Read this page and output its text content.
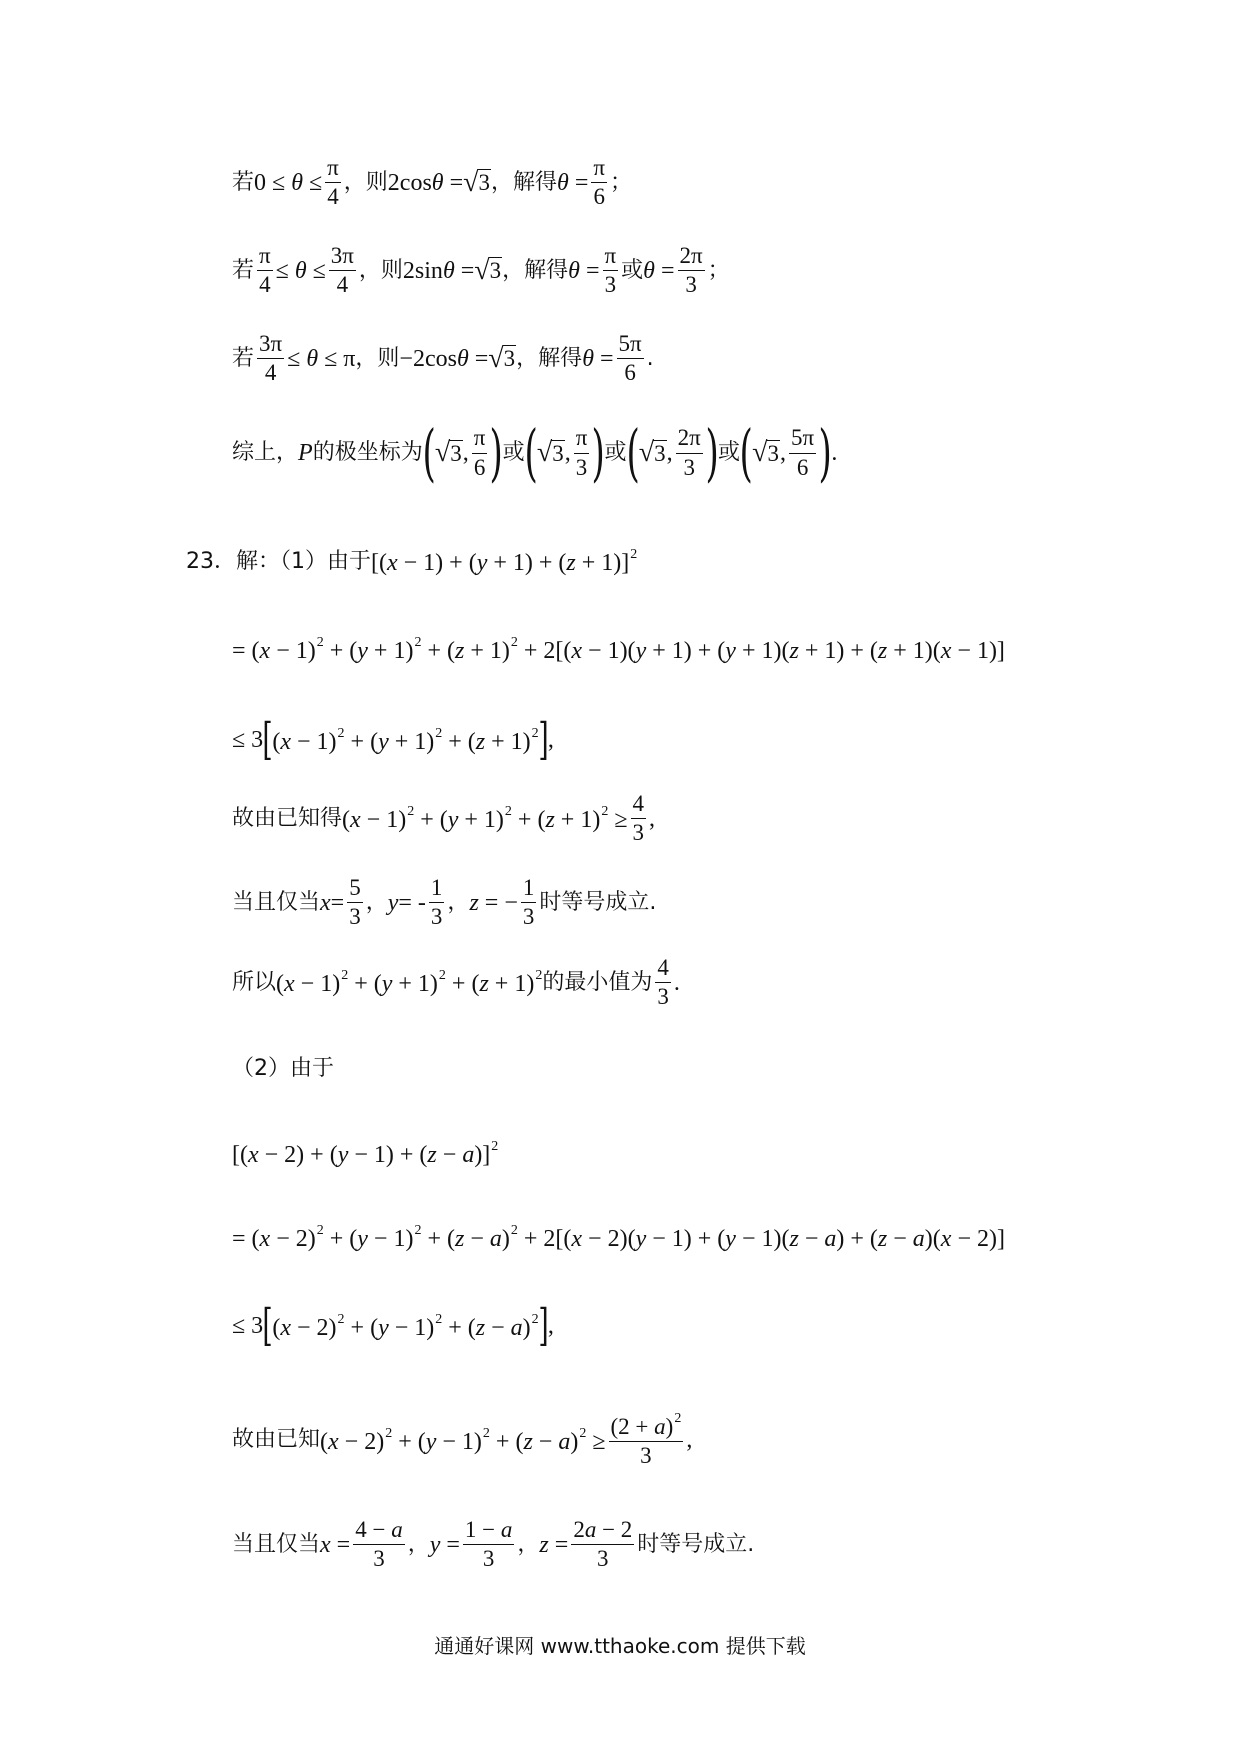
若 $0 \le \theta \le \frac{\pi}{4}$ ，则 2cosθ = √ 3 ，解得 $\theta = \frac{\pi}{6}$ ；
若 $\frac{\pi}{4} \le \theta \le \frac{3\pi}{4}$ ，则 2sinθ = √ 3 ，解得 $\theta = \frac{\pi}{3}$ 或 $\theta = \frac{2\pi}{3}$ ；
若 $\frac{3\pi}{4} \le \theta \le \pi$ ，则 −2cosθ = √ 3 ，解得 $\theta = \frac{5\pi}{6}$ .
综上， P 的极坐标为 ( √ 3 , $\frac{\pi}{6}$ ) 或 ( √ 3 , $\frac{\pi}{3}$ ) 或 ( √ 3 , $\frac{2\pi}{3}$ ) 或 ( √ 3 , $\frac{5\pi}{6}$ ) .
23．解：（1）由于 $[(x - 1) + (y + 1) + (z + 1)]^2$
= $(x - 1)^2 + (y + 1)^2 + (z + 1)^2 + 2[(x - 1)(y + 1) + (y + 1)(z + 1) + (z + 1)(x - 1)]$
≤ 3 [ $(x - 1)^2 + (y + 1)^2 + (z + 1)^2$ ] ,
故由已知得 $(x - 1)^2 + (y + 1)^2 + (z + 1)^2 \ge \frac{4}{3}$ ,
当且仅当 $x = \frac{5}{3}$ ， y = - $\frac{1}{3}$ ， z = − $\frac{1}{3}$ 时等号成立.
所以 $(x - 1)^2 + (y + 1)^2 + (z + 1)^2$ 的最小值为 $\frac{4}{3}$ .
（2）由于
$[(x - 2) + (y - 1) + (z - a)]^2$
= $(x - 2)^2 + (y - 1)^2 + (z - a)^2 + 2[(x - 2)(y - 1) + (y - 1)(z - a) + (z - a)(x - 2)]$
≤ 3 [ $(x - 2)^2 + (y - 1)^2 + (z - a)^2$ ] ,
故由已知 $(x - 2)^2 + (y - 1)^2 + (z - a)^2 \ge \frac{(2 + a)^2}{3}$ ,
当且仅当 $x = \frac{4 - a}{3}$ ， $y = \frac{1 - a}{3}$ ， $z = \frac{2a - 2}{3}$ 时等号成立.
通通好课网 www.tthaoke.com 提供下载
